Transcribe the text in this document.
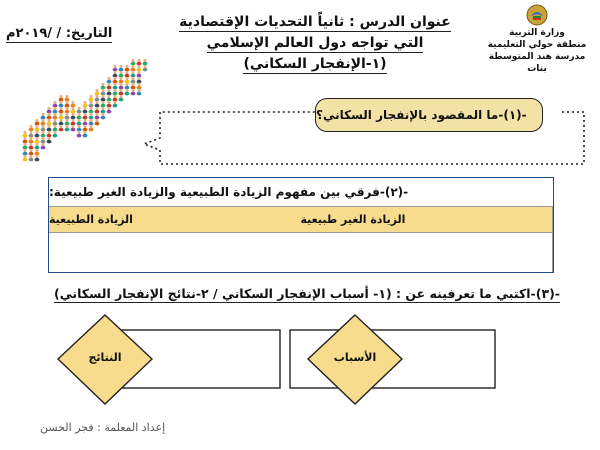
وزارة التربية
منطقة حولي التعليمية
مدرسة هند المتوسطة بنات
عنوان الدرس : ثانياً التحديات الإقتصادية
التي تواجه دول العالم الإسلامي
(١-الإنفجار السكاني)
التاريخ: / /٢٠١٩م
-(١)-ما المقصود بالإنفجار السكاني؟
-(٢)-فرقي بين مفهوم الزيادة الطبيعية والزيادة الغير طبيعية:
الزيادة الطبيعية	الزيادة الغير طبيعية
-(٣)-اكتبي ما تعرفينه عن : (١- أسباب الإنفجار السكاني / ٢-نتائج الإنفجار السكاني)
النتائج	الأسباب
إعداد المعلمة : فجر الحسن
